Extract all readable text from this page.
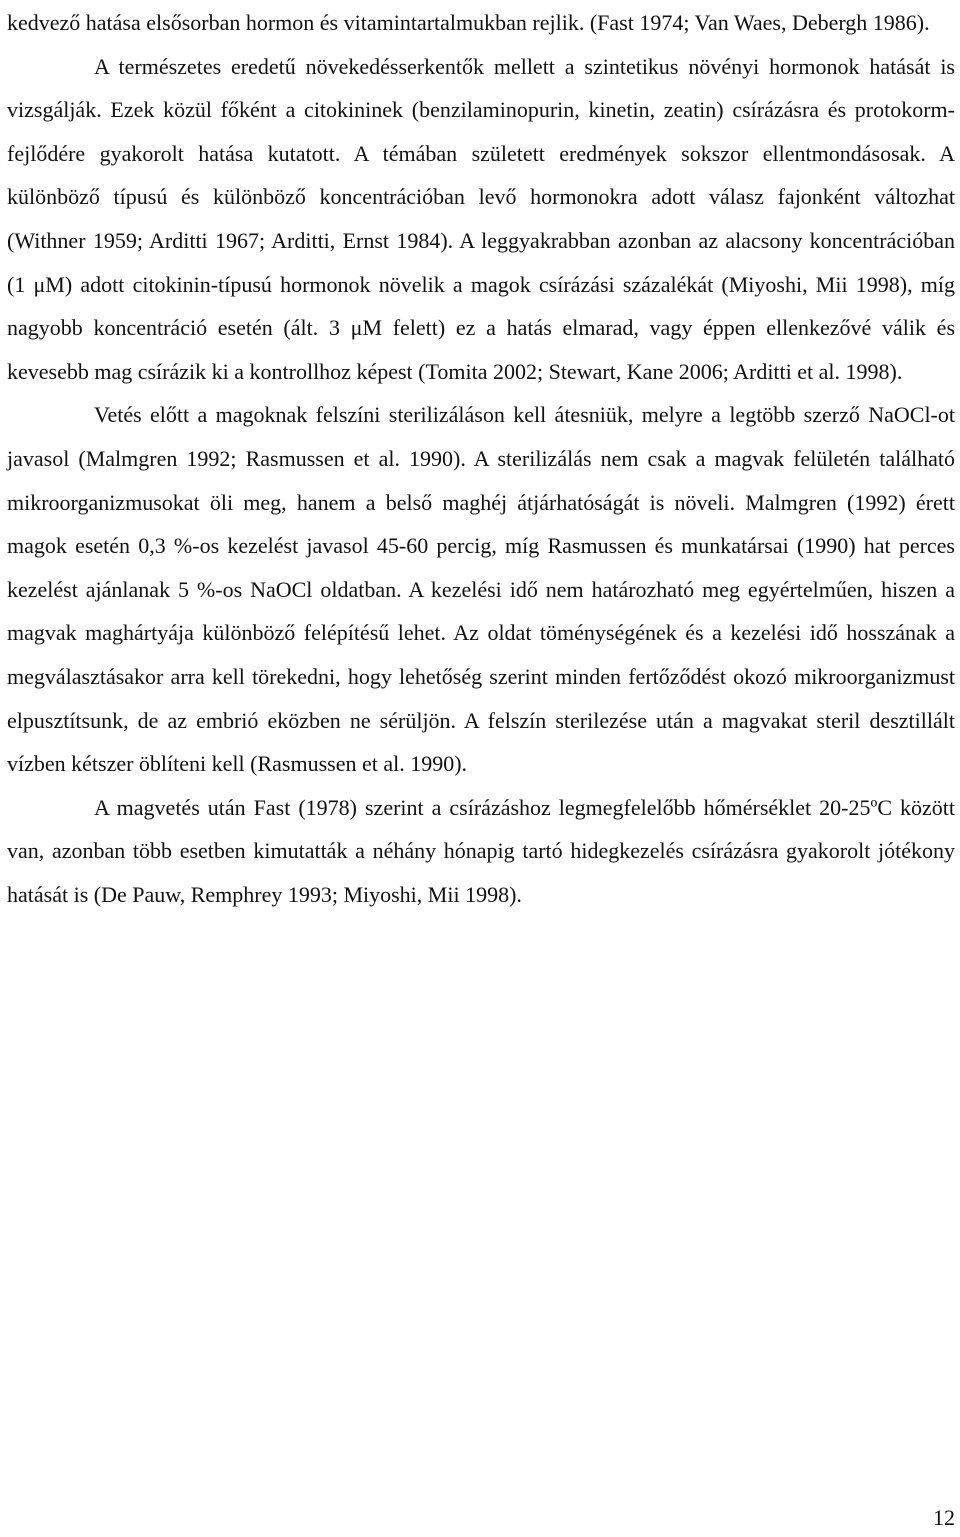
kedvező hatása elsősorban hormon és vitamintartalmukban rejlik. (Fast 1974; Van Waes, Debergh 1986).

A természetes eredetű növekedésserkentők mellett a szintetikus növényi hormonok hatását is vizsgálják. Ezek közül főként a citokininek (benzilaminopurin, kinetin, zeatin) csírázásra és protokorm-fejlődére gyakorolt hatása kutatott. A témában született eredmények sokszor ellentmondásosak. A különböző típusú és különböző koncentrációban levő hormonokra adott válasz fajonként változhat (Withner 1959; Arditti 1967; Arditti, Ernst 1984). A leggyakrabban azonban az alacsony koncentrációban (1 μM) adott citokinin-típusú hormonok növelik a magok csírázási százalékát (Miyoshi, Mii 1998), míg nagyobb koncentráció esetén (ált. 3 μM felett) ez a hatás elmarad, vagy éppen ellenkezővé válik és kevesebb mag csírázik ki a kontrollhoz képest (Tomita 2002; Stewart, Kane 2006; Arditti et al. 1998).

Vetés előtt a magoknak felszíni sterilizáláson kell átesniük, melyre a legtöbb szerző NaOCl-ot javasol (Malmgren 1992; Rasmussen et al. 1990). A sterilizálás nem csak a magvak felületén található mikroorganizmusokat öli meg, hanem a belső maghéj átjárhatóságát is növeli. Malmgren (1992) érett magok esetén 0,3 %-os kezelést javasol 45-60 percig, míg Rasmussen és munkatársai (1990) hat perces kezelést ajánlanak 5 %-os NaOCl oldatban. A kezelési idő nem határozható meg egyértelműen, hiszen a magvak maghártyája különböző felépítésű lehet. Az oldat töménységének és a kezelési idő hosszának a megválasztásakor arra kell törekedni, hogy lehetőség szerint minden fertőződést okozó mikroorganizmust elpusztítsunk, de az embrió eközben ne sérüljön. A felszín sterilezése után a magvakat steril desztillált vízben kétszer öblíteni kell (Rasmussen et al. 1990).

A magvetés után Fast (1978) szerint a csírázáshoz legmegfelelőbb hőmérséklet 20-25ºC között van, azonban több esetben kimutatták a néhány hónapig tartó hidegkezelés csírázásra gyakorolt jótékony hatását is (De Pauw, Remphrey 1993; Miyoshi, Mii 1998).

12
